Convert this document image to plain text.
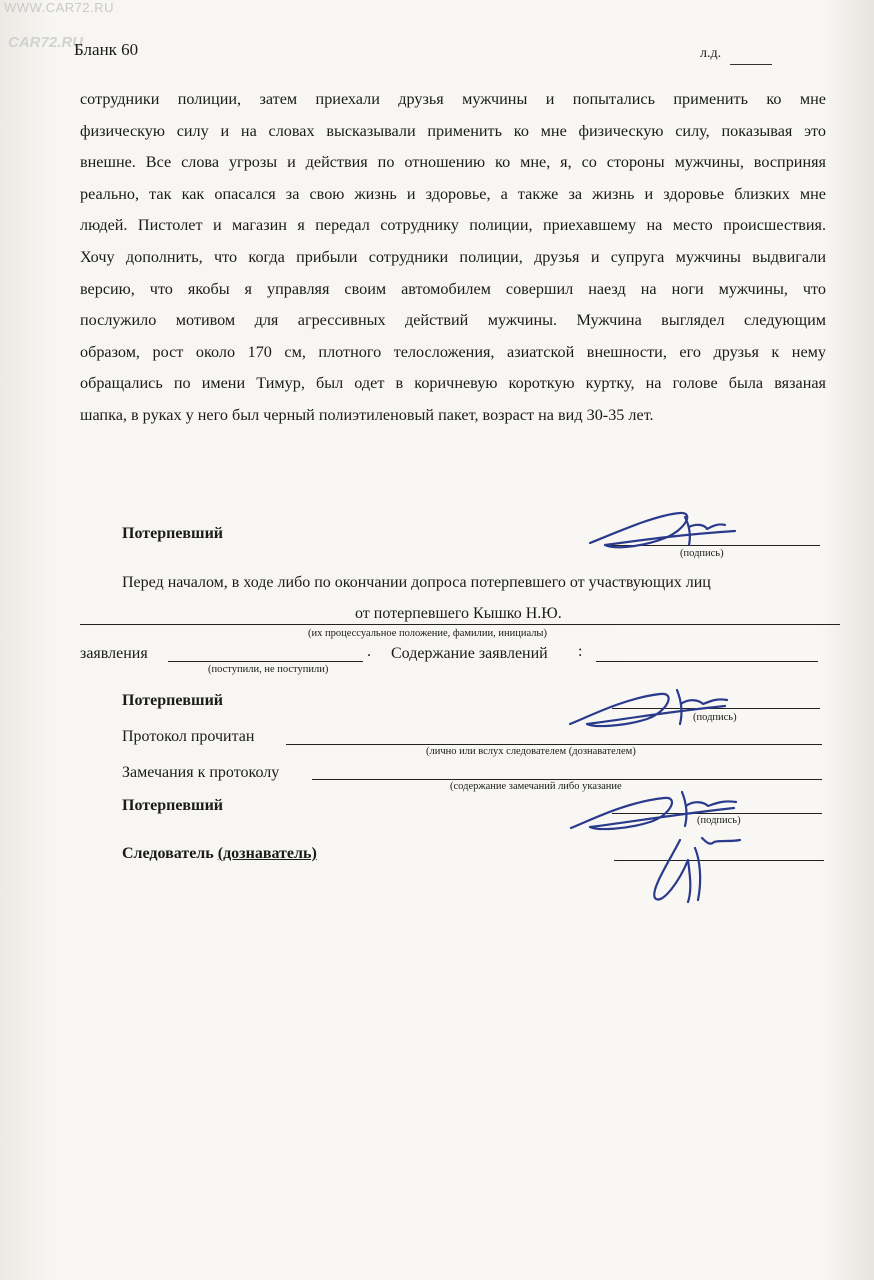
WWW.CAR72.RU
CAR72.RU
Бланк 60	л.д.

сотрудники полиции, затем приехали друзья мужчины и попытались применить ко мне

физическую силу и на словах высказывали применить ко мне физическую силу, показывая это

внешне. Все слова угрозы и действия по отношению ко мне, я, со стороны мужчины, восприняя

реально, так как опасался за свою жизнь и здоровье, а также за жизнь и здоровье близких мне

людей. Пистолет и магазин я передал сотруднику полиции, приехавшему на место происшествия.

Хочу дополнить, что когда прибыли сотрудники полиции, друзья и супруга мужчины выдвигали

версию, что якобы я управляя своим автомобилем совершил наезд на ноги мужчины, что

послужило мотивом для агрессивных действий мужчины. Мужчина выглядел следующим

образом, рост около 170 см, плотного телосложения, азиатской внешности, его друзья к нему

обращались по имени Тимур, был одет в коричневую короткую куртку, на голове была вязаная

шапка, в руках у него был черный полиэтиленовый пакет, возраст на вид 30-35 лет.

Потерпевший
(подпись)
Перед началом, в ходе либо по окончании допроса потерпевшего от участвующих лиц
от потерпевшего Кышко Н.Ю.
(их процессуальное положение, фамилии, инициалы)
заявления	.
(поступили, не поступили)
Содержание заявлений :
Потерпевший
(подпись)
Протокол прочитан
(лично или вслух следователем (дознавателем)
Замечания к протоколу
(содержание замечаний либо указание
Потерпевший
(подпись)
Следователь (дознаватель)
